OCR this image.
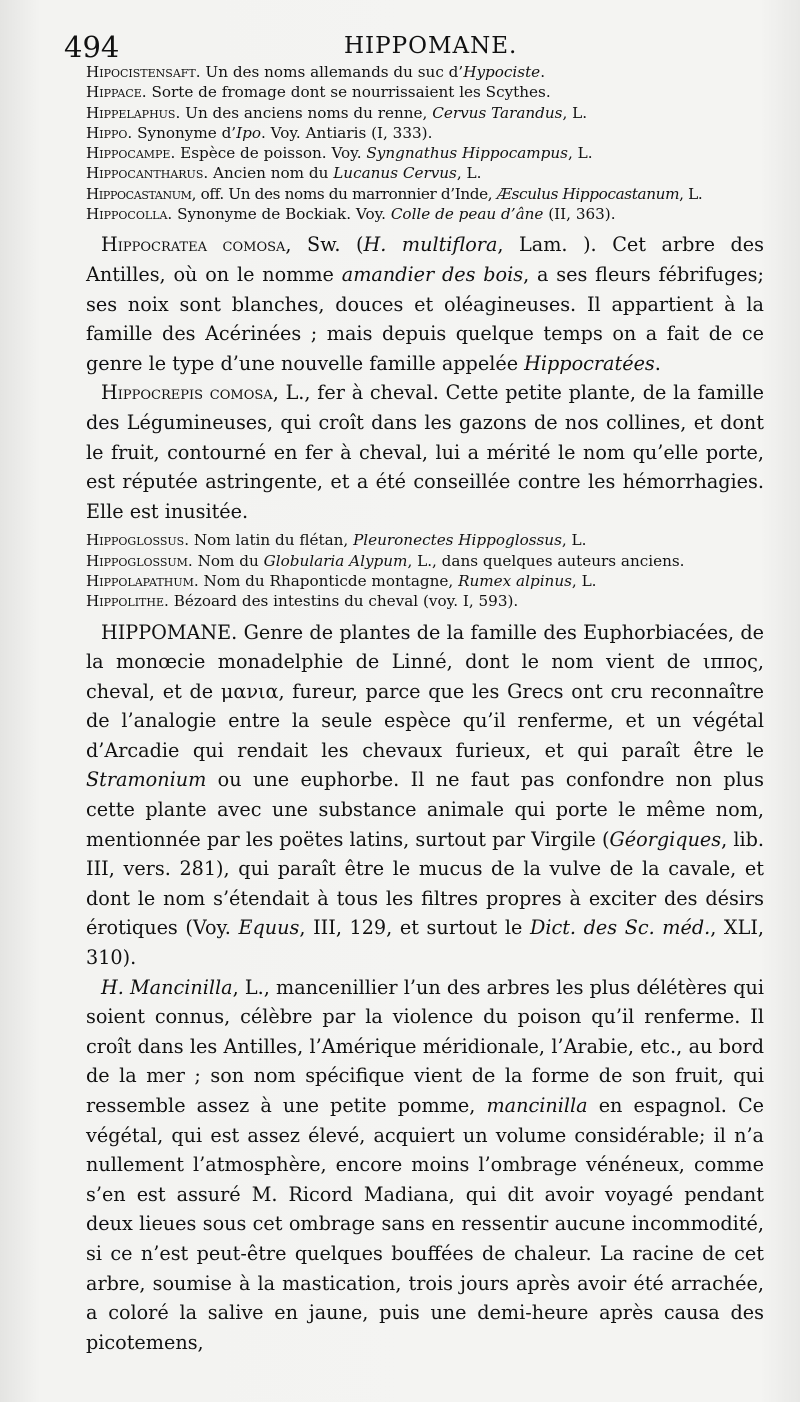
494	HIPPOMANE.

Hipocistensaft. Un des noms allemands du suc d’Hypociste.

Hippace. Sorte de fromage dont se nourrissaient les Scythes.

Hippelaphus. Un des anciens noms du renne, Cervus Tarandus, L.

Hippo. Synonyme d’Ipo. Voy. Antiaris (I, 333).

Hippocampe. Espèce de poisson. Voy. Syngnathus Hippocampus, L.

Hippocantharus. Ancien nom du Lucanus Cervus, L.

Hippocastanum, off. Un des noms du marronnier d’Inde, Æsculus Hippocastanum, L.

Hippocolla. Synonyme de Bockiak. Voy. Colle de peau d’âne (II, 363).

Hippocratea comosa, Sw. (H. multiflora, Lam. ). Cet arbre des Antilles, où on le nomme amandier des bois, a ses fleurs fébrifuges; ses noix sont blanches, douces et oléagineuses. Il appartient à la famille des Acérinées ; mais depuis quelque temps on a fait de ce genre le type d’une nouvelle famille appelée Hippocratées.

Hippocrepis comosa, L., fer à cheval. Cette petite plante, de la famille des Légumineuses, qui croît dans les gazons de nos collines, et dont le fruit, contourné en fer à cheval, lui a mérité le nom qu’elle porte, est réputée astringente, et a été conseillée contre les hémorrhagies. Elle est inusitée.

Hippoglossus. Nom latin du flétan, Pleuronectes Hippoglossus, L.

Hippoglossum. Nom du Globularia Alypum, L., dans quelques auteurs anciens.

Hippolapathum. Nom du Rhaponticde montagne, Rumex alpinus, L.

Hippolithe. Bézoard des intestins du cheval (voy. I, 593).

HIPPOMANE. Genre de plantes de la famille des Euphorbiacées, de la monœcie monadelphie de Linné, dont le nom vient de ιππος, cheval, et de μανια, fureur, parce que les Grecs ont cru reconnaître de l’analogie entre la seule espèce qu’il renferme, et un végétal d’Arcadie qui rendait les chevaux furieux, et qui paraît être le Stramonium ou une euphorbe. Il ne faut pas confondre non plus cette plante avec une substance animale qui porte le même nom, mentionnée par les poëtes latins, surtout par Virgile (Géorgiques, lib. III, vers. 281), qui paraît être le mucus de la vulve de la cavale, et dont le nom s’étendait à tous les filtres propres à exciter des désirs érotiques (Voy. Equus, III, 129, et surtout le Dict. des Sc. méd., XLI, 310).

H. Mancinilla, L., mancenillier l’un des arbres les plus délétères qui soient connus, célèbre par la violence du poison qu’il renferme. Il croît dans les Antilles, l’Amérique méridionale, l’Arabie, etc., au bord de la mer ; son nom spécifique vient de la forme de son fruit, qui ressemble assez à une petite pomme, mancinilla en espagnol. Ce végétal, qui est assez élevé, acquiert un volume considérable; il n’a nullement l’atmosphère, encore moins l’ombrage vénéneux, comme s’en est assuré M. Ricord Madiana, qui dit avoir voyagé pendant deux lieues sous cet ombrage sans en ressentir aucune incommodité, si ce n’est peut-être quelques bouffées de chaleur. La racine de cet arbre, soumise à la mastication, trois jours après avoir été arrachée, a coloré la salive en jaune, puis une demi-heure après causa des picotemens,
